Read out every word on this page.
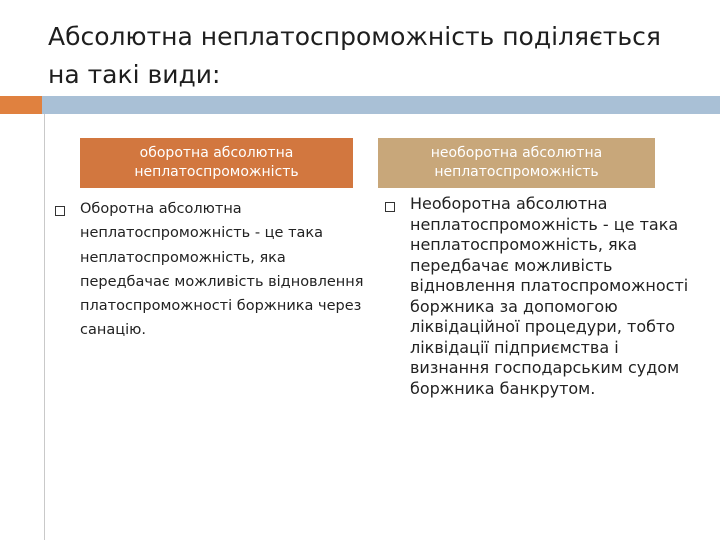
Абсолютна неплатоспроможність поділяється на такі види:
оборотна абсолютна неплатоспроможність
необоротна абсолютна неплатоспроможність
Оборотна абсолютна неплатоспроможність - це така неплатоспроможність, яка передбачає можливість відновлення платоспроможності боржника через санацію.
Необоротна абсолютна неплатоспроможність - це така неплатоспроможність, яка передбачає можливість відновлення платоспроможності боржника за допомогою ліквідаційної процедури, тобто ліквідації підприємства і визнання господарським судом боржника банкрутом.
